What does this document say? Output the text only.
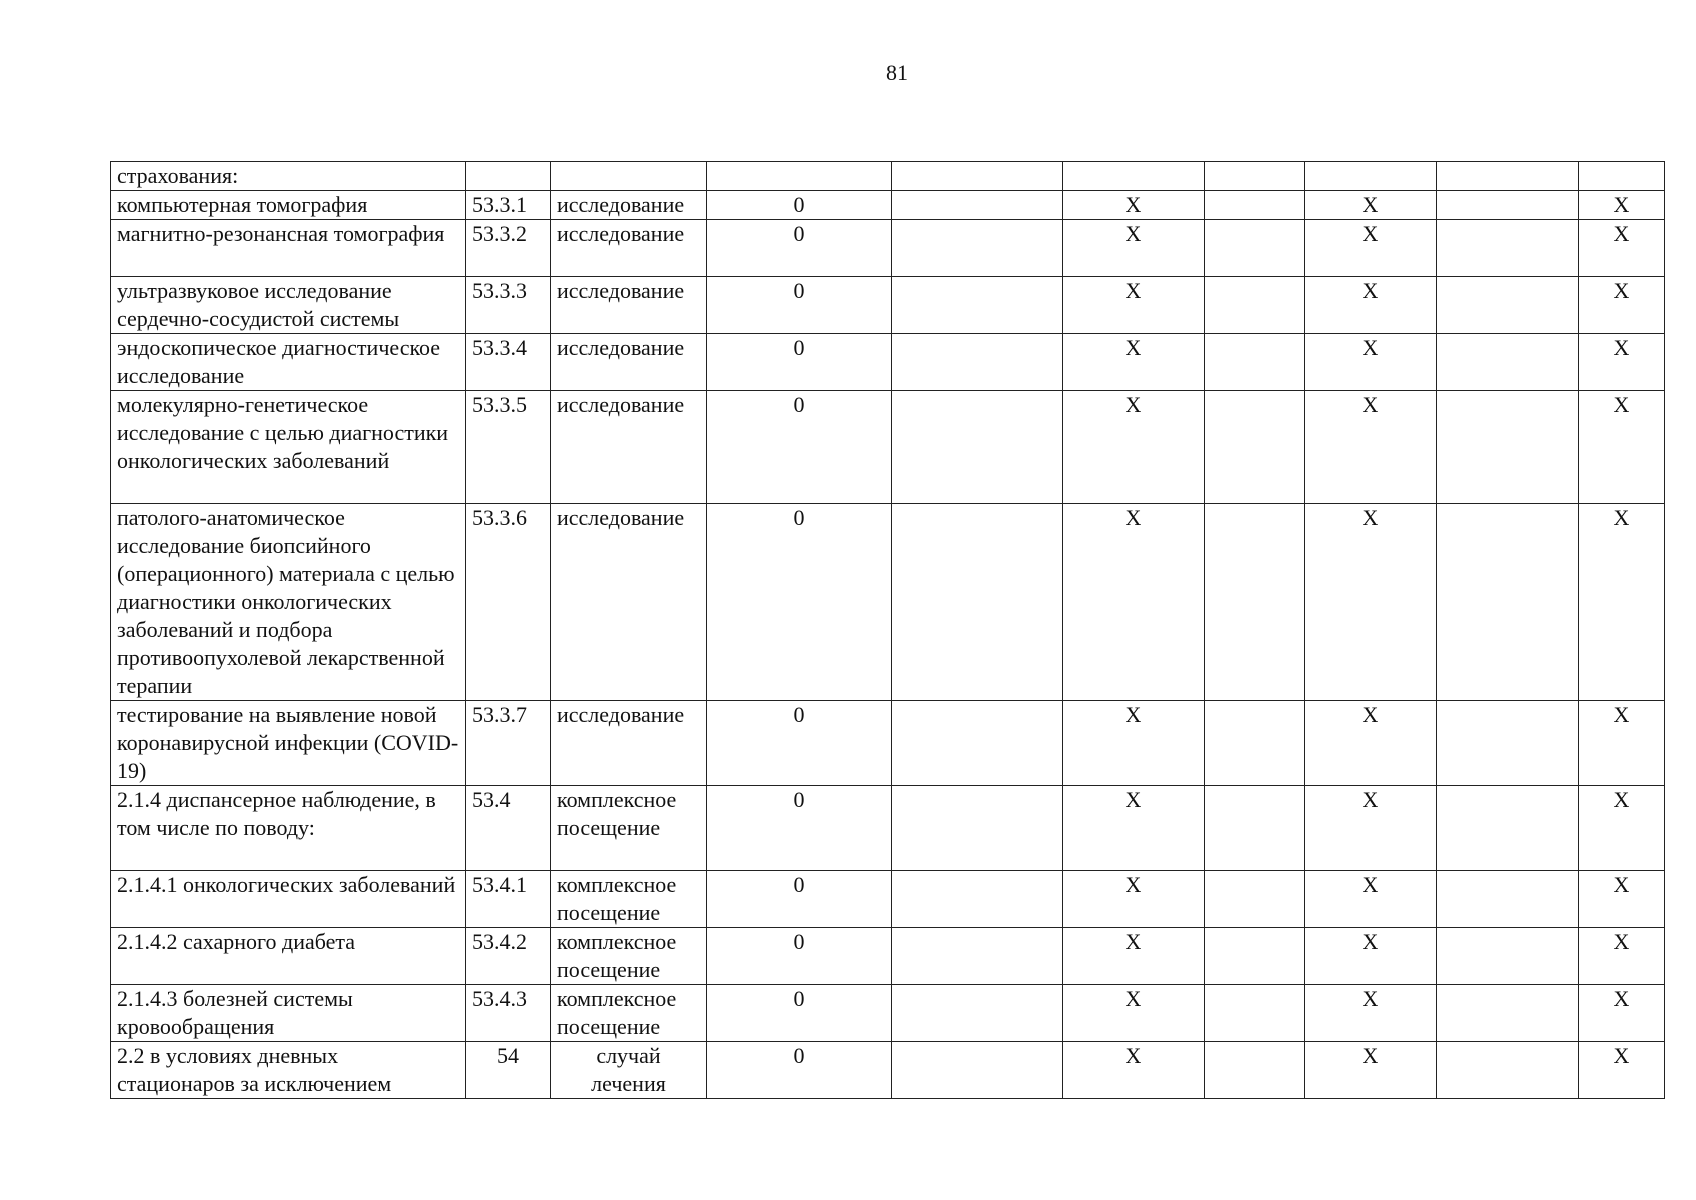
81
страхования:									
компьютерная томография	53.3.1	исследование	0		X		X		X
магнитно-резонансная томография	53.3.2	исследование	0		X		X		X
ультразвуковое исследование сердечно-сосудистой системы	53.3.3	исследование	0		X		X		X
эндоскопическое диагностическое исследование	53.3.4	исследование	0		X		X		X
молекулярно-генетическое исследование с целью диагностики онкологических заболеваний	53.3.5	исследование	0		X		X		X
патолого-анатомическое исследование биопсийного (операционного) материала с целью диагностики онкологических заболеваний и подбора противоопухолевой лекарственной терапии	53.3.6	исследование	0		X		X		X
тестирование на выявление новой коронавирусной инфекции (COVID-19)	53.3.7	исследование	0		X		X		X
2.1.4 диспансерное наблюдение, в том числе по поводу:	53.4	комплексное посещение	0		X		X		X
2.1.4.1 онкологических заболеваний	53.4.1	комплексное посещение	0		X		X		X
2.1.4.2 сахарного диабета	53.4.2	комплексное посещение	0		X		X		X
2.1.4.3 болезней системы кровообращения	53.4.3	комплексное посещение	0		X		X		X
2.2 в условиях дневных стационаров за исключением	54	случай лечения	0		X		X		X
